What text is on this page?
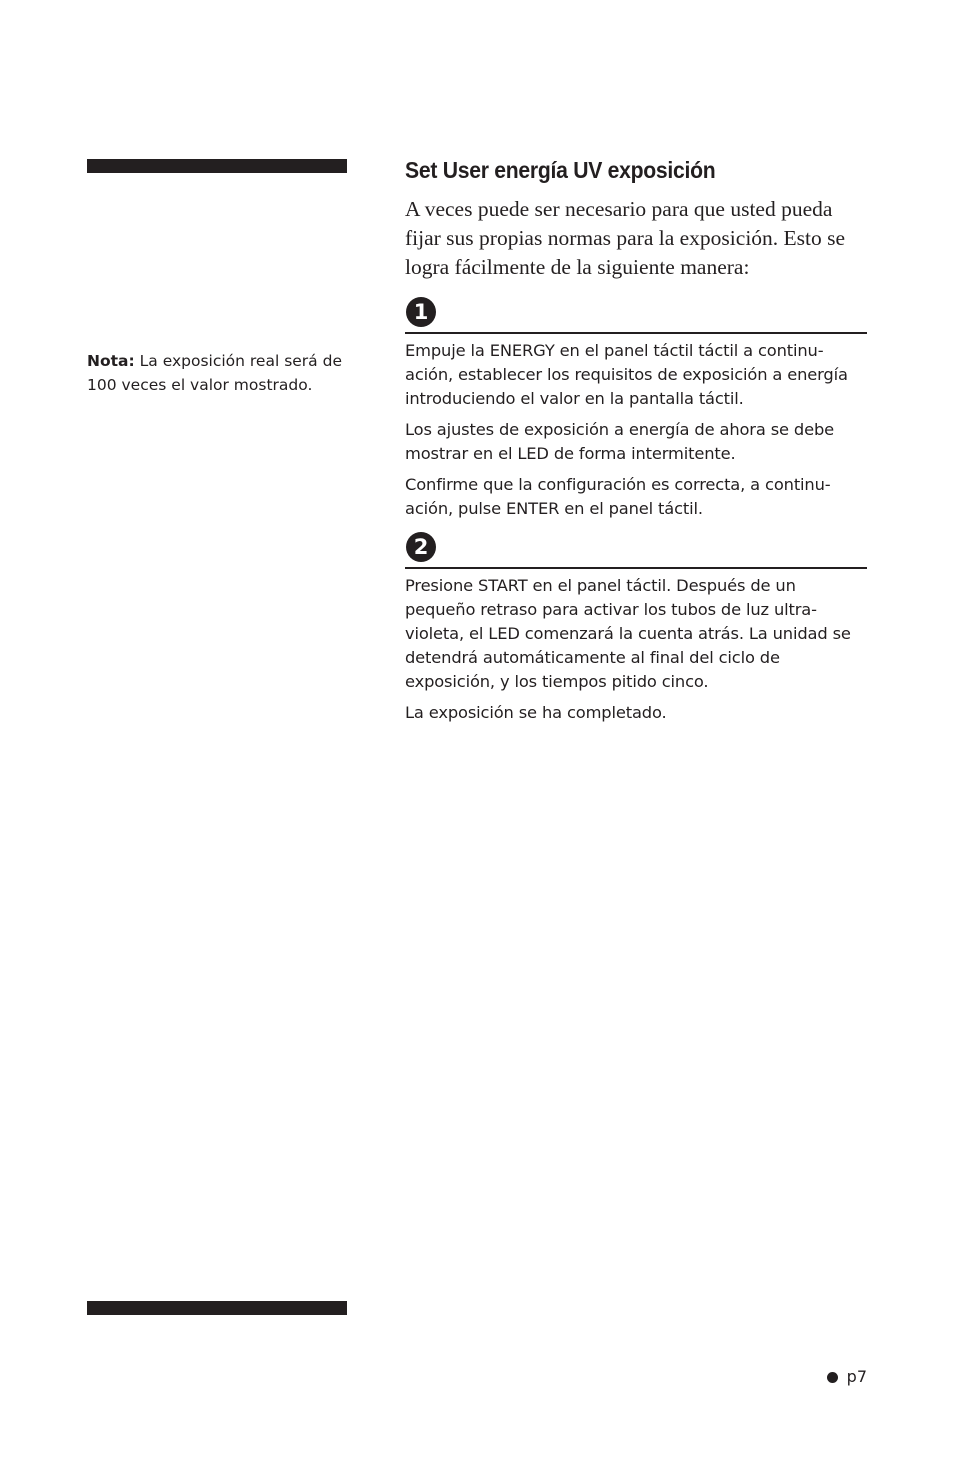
Nota: La exposición real será de 100 veces el valor mostrado.
Set User energía UV exposición

A veces puede ser necesario para que usted pueda fijar sus propias normas para la exposición. Esto se logra fácilmente de la siguiente manera:

1

Empuje la ENERGY en el panel táctil táctil a continu-ación, establecer los requisitos de exposición a energía introduciendo el valor en la pantalla táctil.

Los ajustes de exposición a energía de ahora se debe mostrar en el LED de forma intermitente.

Confirme que la configuración es correcta, a continu-ación, pulse ENTER en el panel táctil.

2

Presione START en el panel táctil. Después de un pequeño retraso para activar los tubos de luz ultra-violeta, el LED comenzará la cuenta atrás. La unidad se detendrá automáticamente al final del ciclo de exposición, y los tiempos pitido cinco.

La exposición se ha completado.

p7
